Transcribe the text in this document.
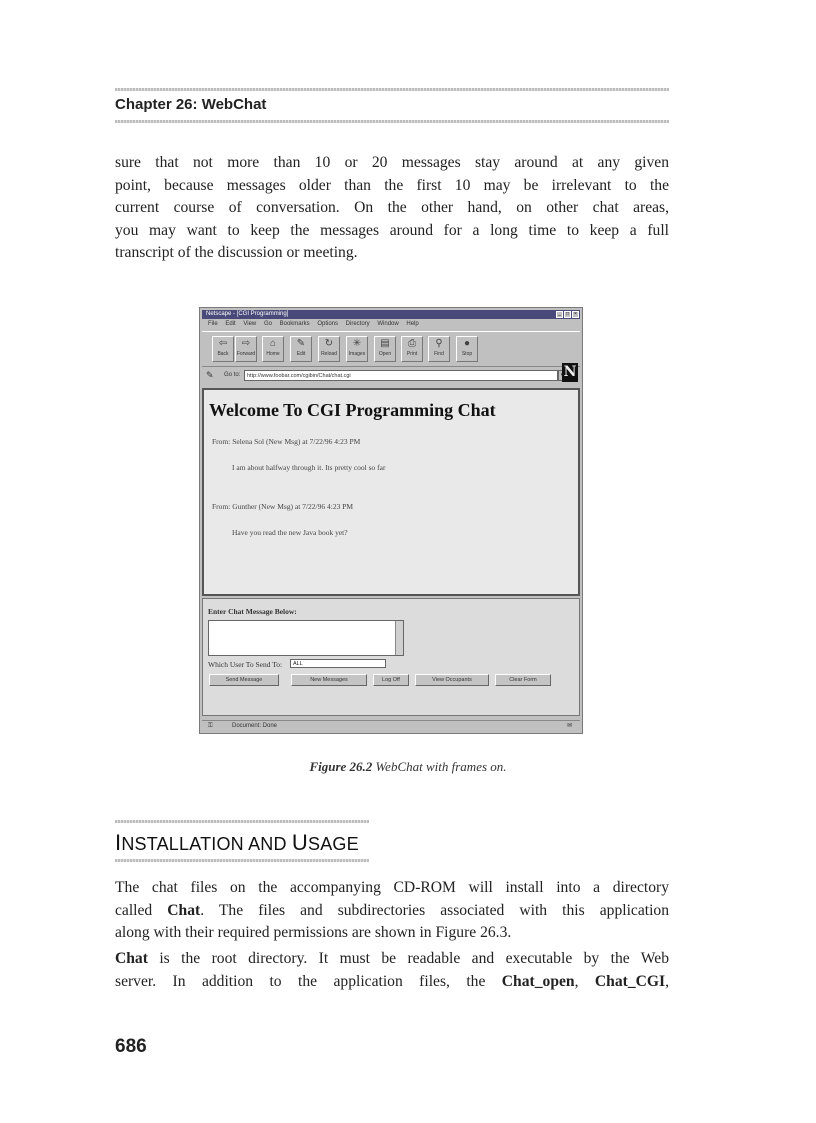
Chapter 26: WebChat
sure that not more than 10 or 20 messages stay around at any given
point, because messages older than the first 10 may be irrelevant to the
current course of conversation. On the other hand, on other chat areas,
you may want to keep the messages around for a long time to keep a full
transcript of the discussion or meeting.
Netscape - [CGI Programming]	_	□	×
File Edit View Go Bookmarks Options Directory Window Help
⇦
Back
⇨
Forward
⌂
Home
✎
Edit
↻
Reload
✳
Images
▤
Open
⎙
Print
⚲
Find
●
Stop
✎ Go to:	http://www.foobar.com/cgibin/Chat/chat.cgi	N
Welcome To CGI Programming Chat
From: Selena Sol (New Msg) at 7/22/96 4:23 PM
I am about halfway through it. Its pretty cool so far
From: Gunther (New Msg) at 7/22/96 4:23 PM
Have you read the new Java book yet?
Enter Chat Message Below:
Which User To Send To:	ALL
Send Message	New Messages	Log Off	View Occupants	Clear Form
⚿	Document: Done	✉
Figure 26.2 WebChat with frames on.
INSTALLATION AND USAGE
The chat files on the accompanying CD-ROM will install into a directory
called Chat. The files and subdirectories associated with this application
along with their required permissions are shown in Figure 26.3.
Chat is the root directory. It must be readable and executable by the Web
server. In addition to the application files, the Chat_open, Chat_CGI,
686
